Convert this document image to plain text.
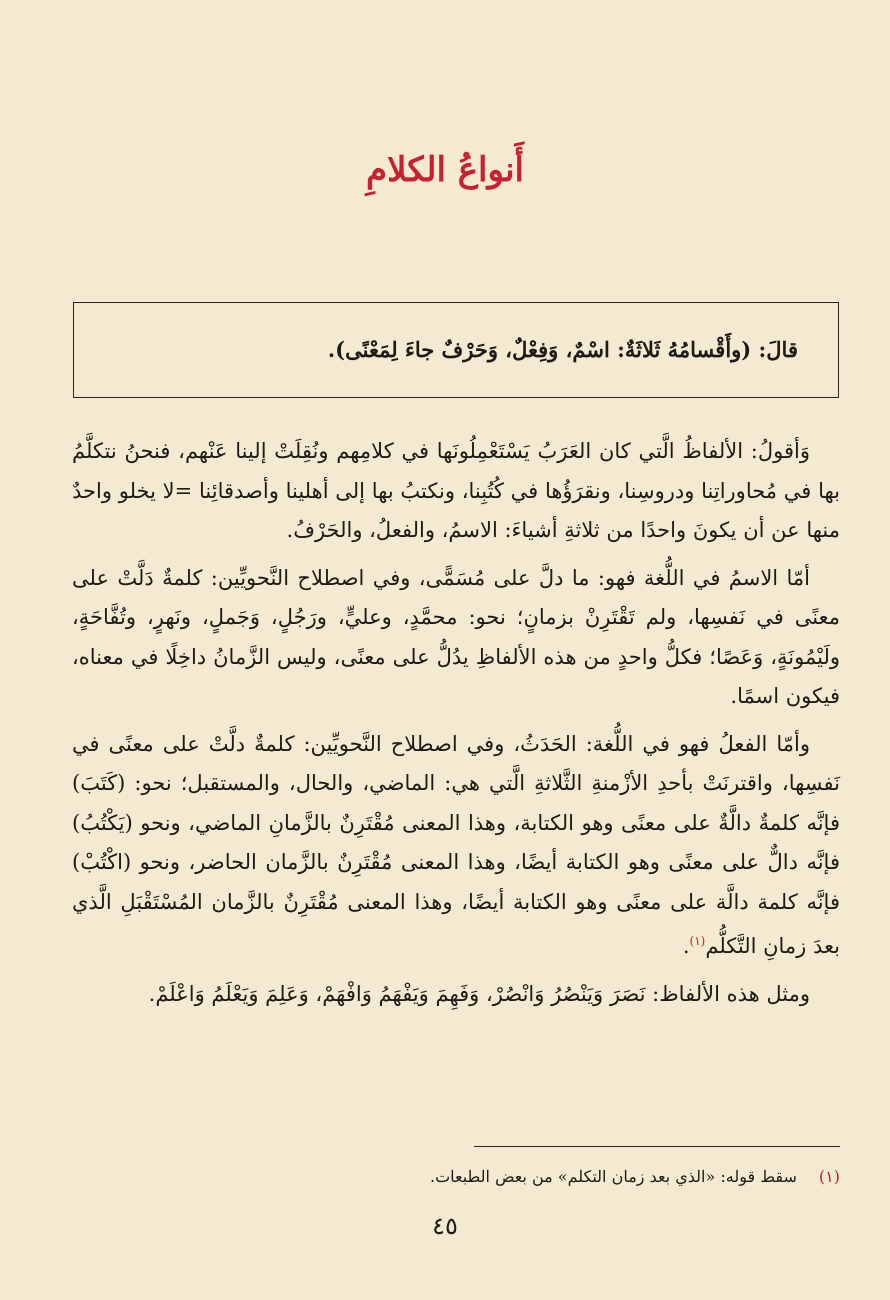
أَنواعُ الكلامِ
قالَ: (وأَقْسامُهُ ثَلاثَةٌ: اسْمٌ، وَفِعْلٌ، وَحَرْفٌ جاءَ لِمَعْنًى).

وَأقولُ: الألفاظُ الَّتي كان العَرَبُ يَسْتَعْمِلُونَها في كلامِهم ونُقِلَتْ إلينا عَنْهم، فنحنُ نتكلَّمُ بها في مُحاوراتِنا ودروسِنا، ونقرَؤُها في كُتُبِنا، ونكتبُ بها إلى أهلينا وأصدقائِنا =لا يخلو واحدٌ منها عن أن يكونَ واحدًا من ثلاثةِ أشياءَ: الاسمُ، والفعلُ، والحَرْفُ.

أمّا الاسمُ في اللُّغة فهو: ما دلَّ على مُسَمًّى، وفي اصطلاح النَّحويِّين: كلمةٌ دَلَّتْ على معنًى في نَفسِها، ولم تَقْتَرِنْ بزمانٍ؛ نحو: محمَّدٍ، وعليٍّ، ورَجُلٍ، وَجَملٍ، ونَهرٍ، وتُفَّاحَةٍ، ولَيْمُونَةٍ، وَعَصًا؛ فكلُّ واحدٍ من هذه الألفاظِ يدُلُّ على معنًى، وليس الزَّمانُ داخِلًا في معناه، فيكون اسمًا.

وأمّا الفعلُ فهو في اللُّغة: الحَدَثُ، وفي اصطلاح النَّحويِّين: كلمةٌ دلَّتْ على معنًى في نَفسِها، واقترنَتْ بأحدِ الأزْمنةِ الثَّلاثةِ الَّتي هي: الماضي، والحال، والمستقبل؛ نحو: (كَتَبَ) فإنَّه كلمةٌ دالَّةٌ على معنًى وهو الكتابة، وهذا المعنى مُقْتَرِنٌ بالزَّمانِ الماضي، ونحو (يَكْتُبُ) فإنَّه دالٌّ على معنًى وهو الكتابة أيضًا، وهذا المعنى مُقْتَرِنٌ بالزَّمان الحاضر، ونحو (اكْتُبْ) فإنَّه كلمة دالَّة على معنًى وهو الكتابة أيضًا، وهذا المعنى مُقْتَرِنٌ بالزَّمان المُسْتَقْبَلِ الَّذي بعدَ زمانِ التَّكلُّم$^{(١)}$.

ومثل هذه الألفاظ: نَصَرَ وَيَنْصُرُ وَانْصُرْ، وَفَهِمَ وَيَفْهَمُ وَافْهَمْ، وَعَلِمَ وَيَعْلَمُ وَاعْلَمْ.

(١)سقط قوله: «الذي بعد زمان التكلم» من بعض الطبعات.
٤٥
